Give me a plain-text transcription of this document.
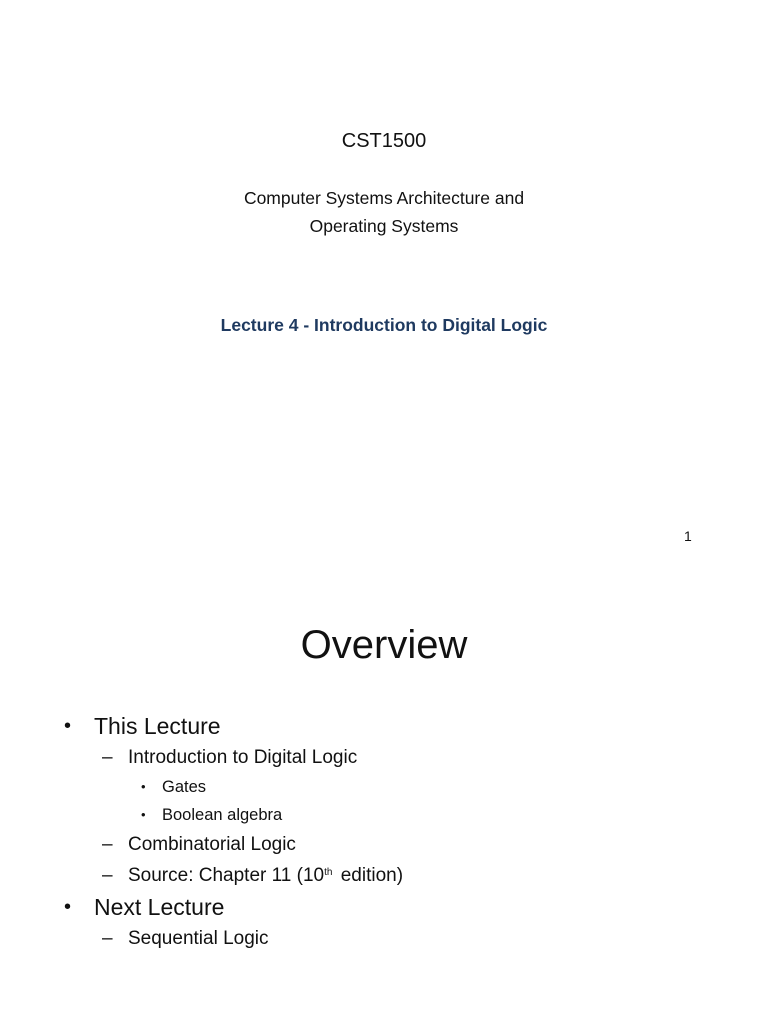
CST1500
Computer Systems Architecture and
Operating Systems
Lecture 4 - Introduction to Digital Logic
1
Overview
• This Lecture
– Introduction to Digital Logic
• Gates
• Boolean algebra
– Combinatorial Logic
– Source: Chapter 11 (10th edition)
• Next Lecture
– Sequential Logic
